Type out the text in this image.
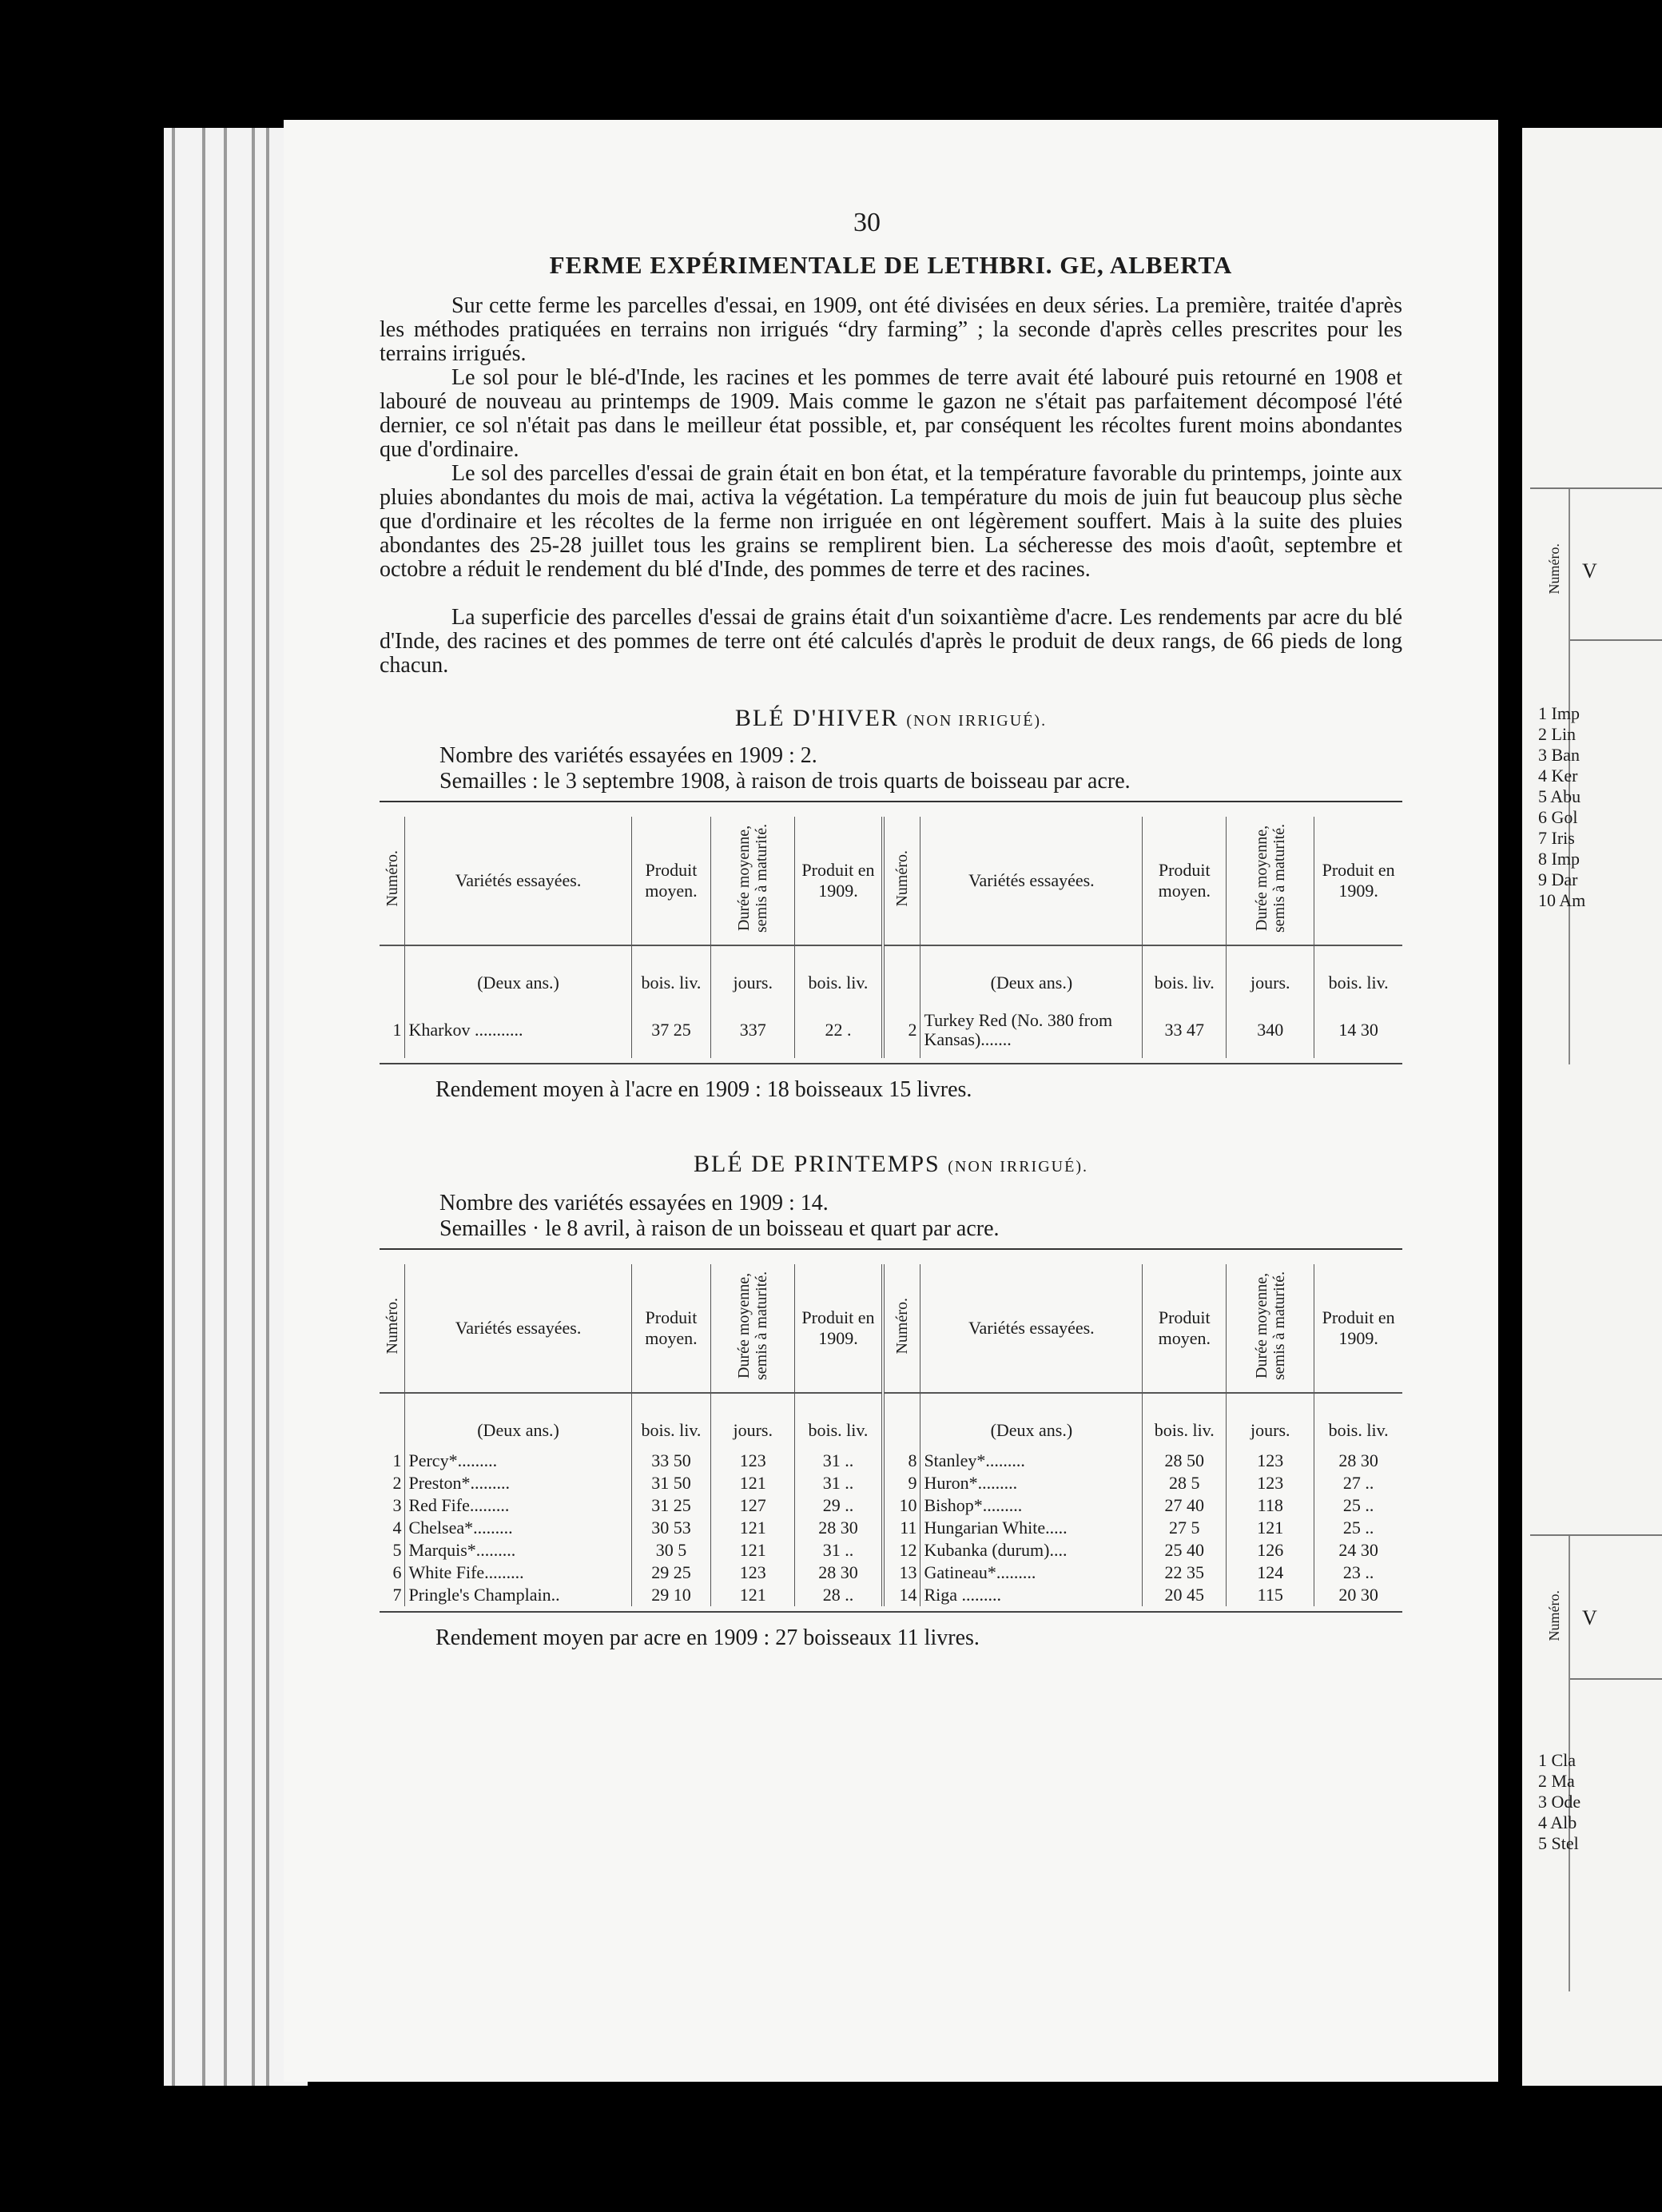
30
FERME EXPÉRIMENTALE DE LETHBRI. GE, ALBERTA

Sur cette ferme les parcelles d'essai, en 1909, ont été divisées en deux séries. La première, traitée d'après les méthodes pratiquées en terrains non irrigués “dry farming” ; la seconde d'après celles prescrites pour les terrains irrigués.

Le sol pour le blé-d'Inde, les racines et les pommes de terre avait été labouré puis retourné en 1908 et labouré de nouveau au printemps de 1909. Mais comme le gazon ne s'était pas parfaitement décomposé l'été dernier, ce sol n'était pas dans le meilleur état possible, et, par conséquent les récoltes furent moins abondantes que d'ordinaire.

Le sol des parcelles d'essai de grain était en bon état, et la température favorable du printemps, jointe aux pluies abondantes du mois de mai, activa la végétation. La température du mois de juin fut beaucoup plus sèche que d'ordinaire et les récoltes de la ferme non irriguée en ont légèrement souffert. Mais à la suite des pluies abondantes des 25-28 juillet tous les grains se remplirent bien. La sécheresse des mois d'août, septembre et octobre a réduit le rendement du blé d'Inde, des pommes de terre et des racines.

La superficie des parcelles d'essai de grains était d'un soixantième d'acre. Les rendements par acre du blé d'Inde, des racines et des pommes de terre ont été calculés d'après le produit de deux rangs, de 66 pieds de long chacun.

BLÉ D'HIVER (NON IRRIGUÉ).
Nombre des variétés essayées en 1909 : 2.
Semailles : le 3 septembre 1908, à raison de trois quarts de boisseau par acre.
Numéro.	Variétés essayées.	Produit moyen.	Durée moyenne, semis à maturité.	Produit en 1909.	Numéro.	Variétés essayées.	Produit moyen.	Durée moyenne, semis à maturité.	Produit en 1909.
	(Deux ans.)	bois. liv.	jours.	bois. liv.		(Deux ans.)	bois. liv.	jours.	bois. liv.
1	Kharkov ...........	37 25	337	22 .	2	Turkey Red (No. 380 from Kansas).......	33 47	340	14 30
Rendement moyen à l'acre en 1909 : 18 boisseaux 15 livres.
BLÉ DE PRINTEMPS (NON IRRIGUÉ).
Nombre des variétés essayées en 1909 : 14.
Semailles · le 8 avril, à raison de un boisseau et quart par acre.
Numéro.	Variétés essayées.	Produit moyen.	Durée moyenne, semis à maturité.	Produit en 1909.	Numéro.	Variétés essayées.	Produit moyen.	Durée moyenne, semis à maturité.	Produit en 1909.
	(Deux ans.)	bois. liv.	jours.	bois. liv.		(Deux ans.)	bois. liv.	jours.	bois. liv.
1	Percy*.........	33 50	123	31 ..	8	Stanley*.........	28 50	123	28 30
2	Preston*.........	31 50	121	31 ..	9	Huron*.........	28 5	123	27 ..
3	Red Fife.........	31 25	127	29 ..	10	Bishop*.........	27 40	118	25 ..
4	Chelsea*.........	30 53	121	28 30	11	Hungarian White.....	27 5	121	25 ..
5	Marquis*.........	30 5	121	31 ..	12	Kubanka (durum)....	25 40	126	24 30
6	White Fife.........	29 25	123	28 30	13	Gatineau*.........	22 35	124	23 ..
7	Pringle's Champlain..	29 10	121	28 ..	14	Riga .........	20 45	115	20 30
Rendement moyen par acre en 1909 : 27 boisseaux 11 livres.
Numéro. V
1 Imp
2 Lin
3 Ban
4 Ker
5 Abu
6 Gol
7 Iris
8 Imp
9 Dar
10 Am
Numéro. V
1 Cla
2 Ma
3 Ode
4 Alb
5 Stel
